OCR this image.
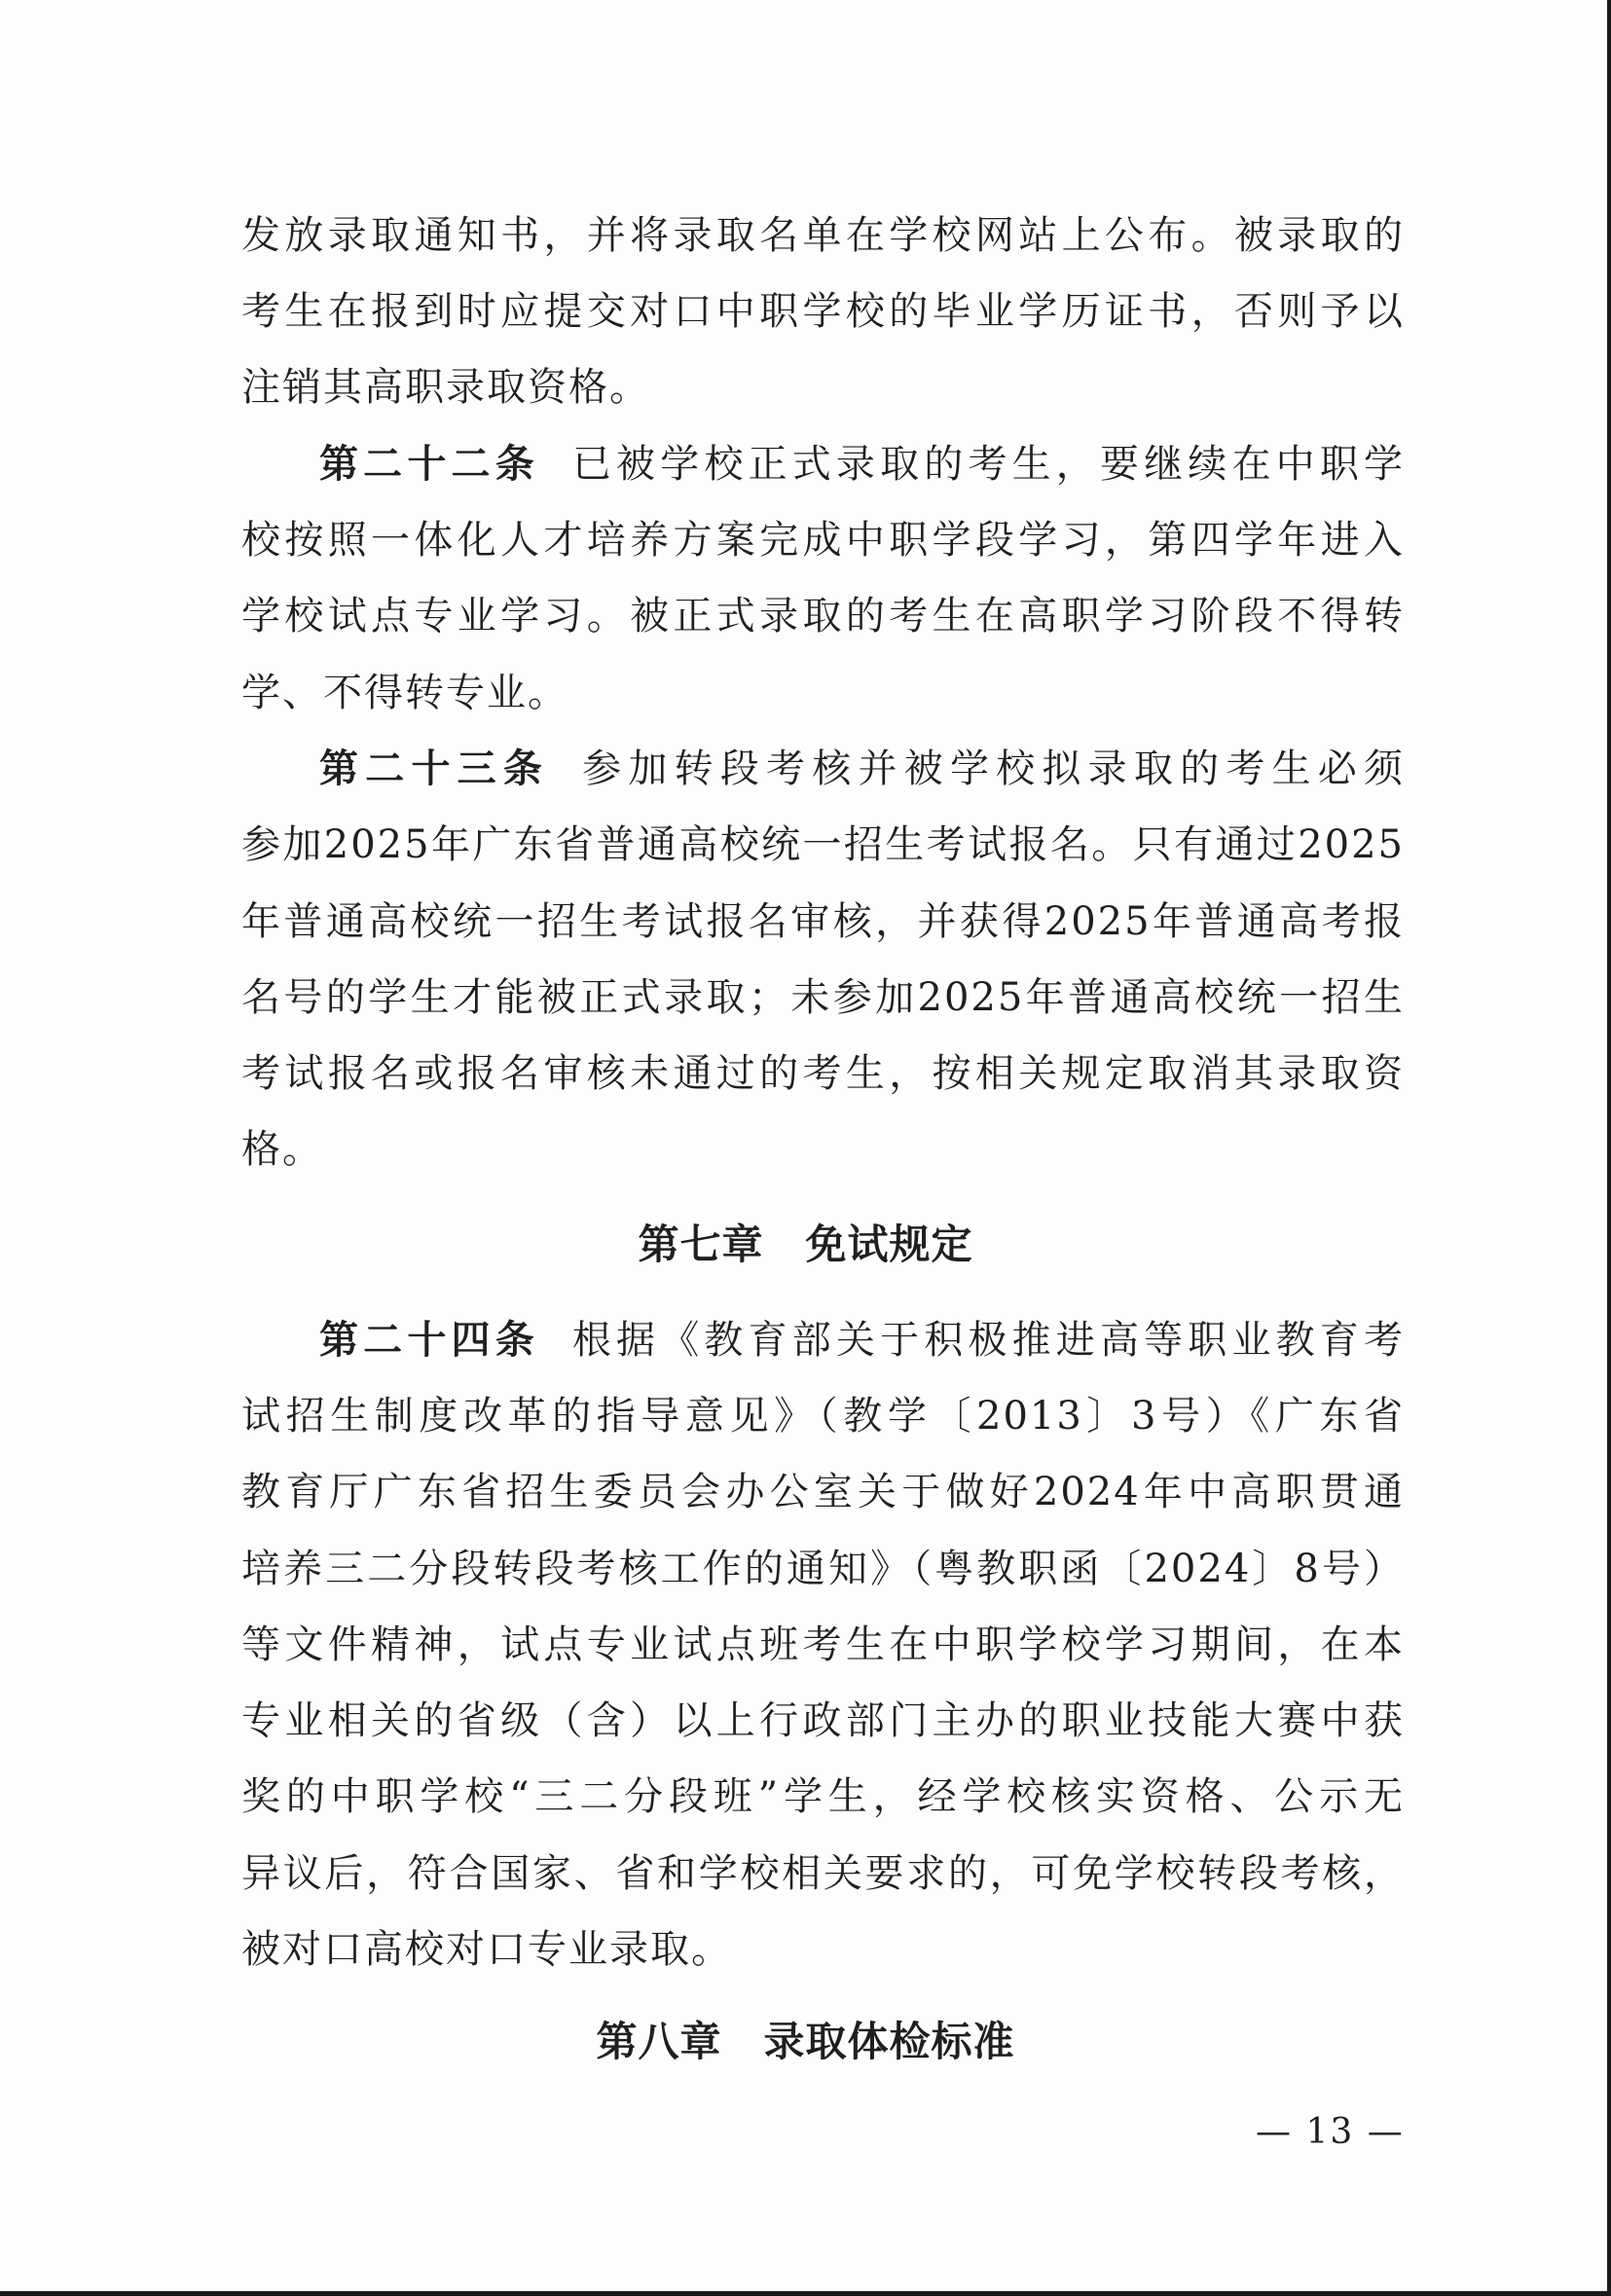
发放录取通知书，并将录取名单在学校网站上公布。被录取的
考生在报到时应提交对口中职学校的毕业学历证书，否则予以
注销其高职录取资格。
第二十二条 已被学校正式录取的考生，要继续在中职学
校按照一体化人才培养方案完成中职学段学习，第四学年进入
学校试点专业学习。被正式录取的考生在高职学习阶段不得转
学、不得转专业。
第二十三条 参加转段考核并被学校拟录取的考生必须
参加2025年广东省普通高校统一招生考试报名。只有通过2025
年普通高校统一招生考试报名审核，并获得2025年普通高考报
名号的学生才能被正式录取；未参加2025年普通高校统一招生
考试报名或报名审核未通过的考生，按相关规定取消其录取资
格。
第七章　免试规定
第二十四条 根据《教育部关于积极推进高等职业教育考
试招生制度改革的指导意见》（教学〔2013〕3号）《广东省
教育厅广东省招生委员会办公室关于做好2024年中高职贯通
培养三二分段转段考核工作的通知》（粤教职函〔2024〕8号）
等文件精神，试点专业试点班考生在中职学校学习期间，在本
专业相关的省级（含）以上行政部门主办的职业技能大赛中获
奖的中职学校“三二分段班”学生，经学校核实资格、公示无
异议后，符合国家、省和学校相关要求的，可免学校转段考核，
被对口高校对口专业录取。
第八章　录取体检标准
— 13 —
